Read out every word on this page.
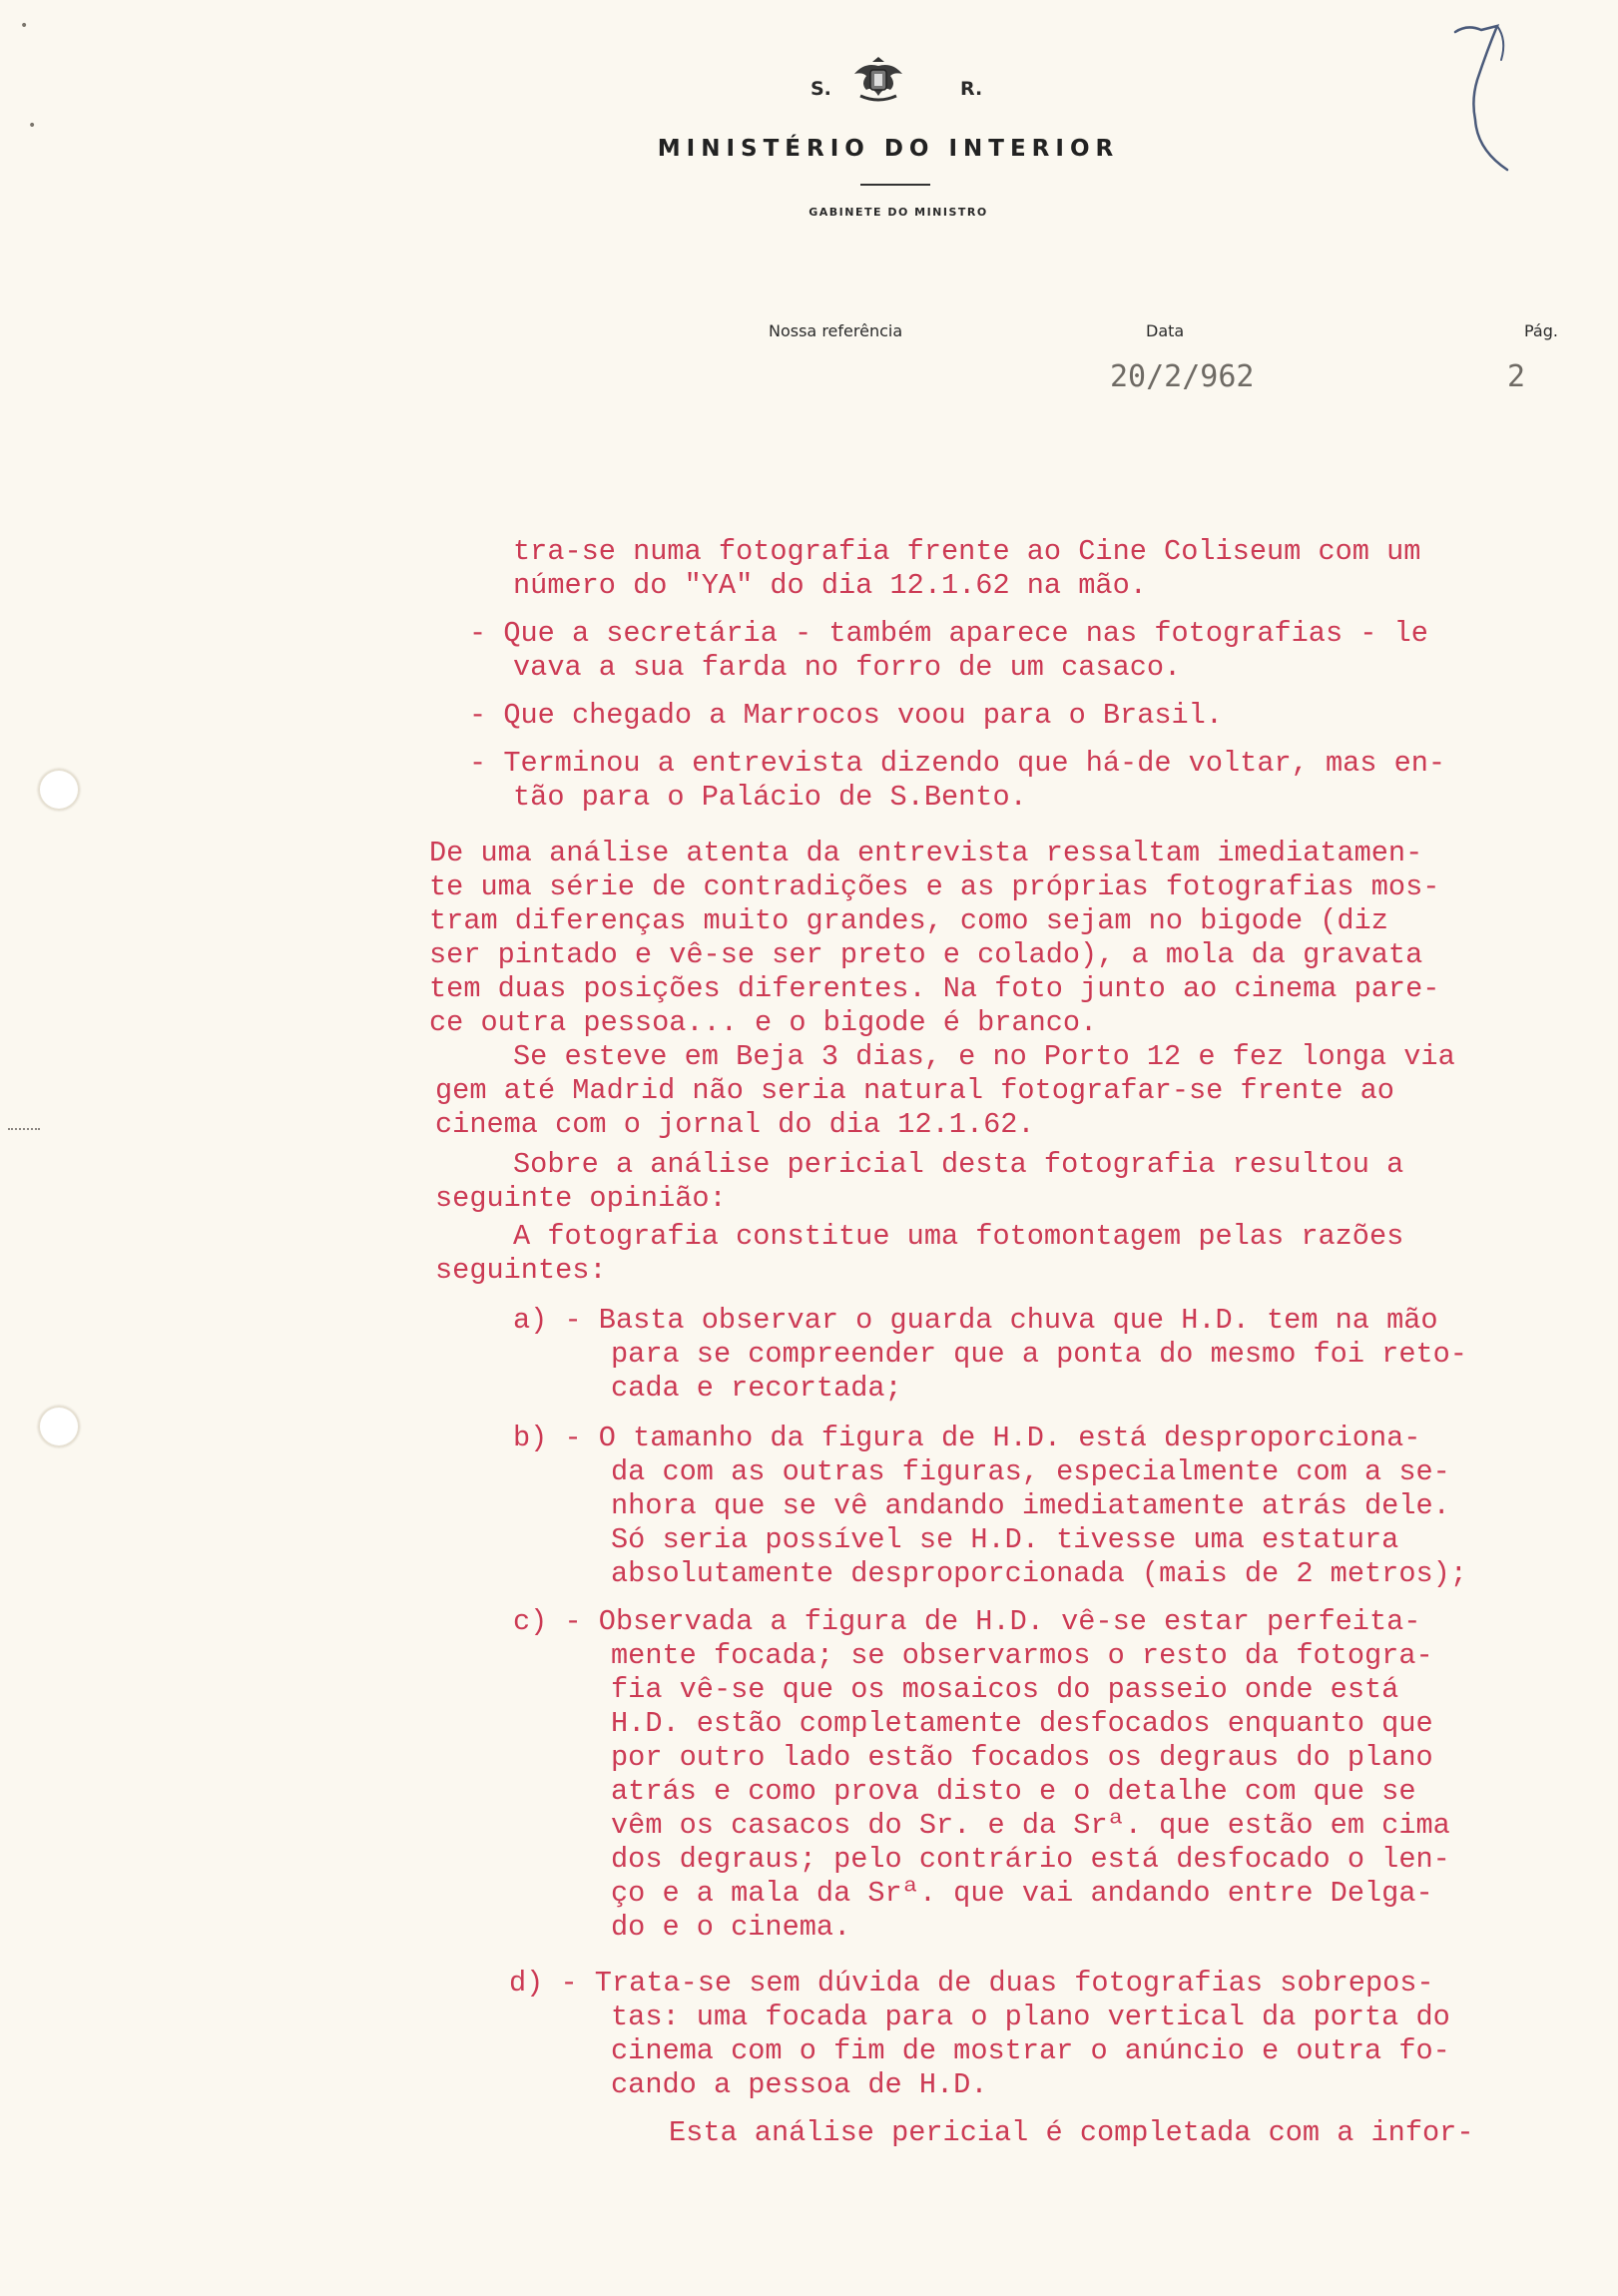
•
•
S.	R.
MINISTÉRIO DO INTERIOR
GABINETE DO MINISTRO
Nossa referência	Data	Pág.
20/2/962	2

tra-se numa fotografia frente ao Cine Coliseum com um

número do "YA" do dia 12.1.62 na mão.

- Que a secretária - também aparece nas fotografias - le

vava a sua farda no forro de um casaco.

- Que chegado a Marrocos voou para o Brasil.

- Terminou a entrevista dizendo que há-de voltar, mas en-

tão para o Palácio de S.Bento.

De uma análise atenta da entrevista ressaltam imediatamen-

te uma série de contradições e as próprias fotografias mos-

tram diferenças muito grandes, como sejam no bigode (diz

ser pintado e vê-se ser preto e colado), a mola da gravata

tem duas posições diferentes. Na foto junto ao cinema pare-

ce outra pessoa... e o bigode é branco.

Se esteve em Beja 3 dias, e no Porto 12 e fez longa via

gem até Madrid não seria natural fotografar-se frente ao

cinema com o jornal do dia 12.1.62.

Sobre a análise pericial desta fotografia resultou a

seguinte opinião:

A fotografia constitue uma fotomontagem pelas razões

seguintes:

a) - Basta observar o guarda chuva que H.D. tem na mão

para se compreender que a ponta do mesmo foi reto-

cada e recortada;

b) - O tamanho da figura de H.D. está desproporciona-

da com as outras figuras, especialmente com a se-

nhora que se vê andando imediatamente atrás dele.

Só seria possível se H.D. tivesse uma estatura

absolutamente desproporcionada (mais de 2 metros);

c) - Observada a figura de H.D. vê-se estar perfeita-

mente focada; se observarmos o resto da fotogra-

fia vê-se que os mosaicos do passeio onde está

H.D. estão completamente desfocados enquanto que

por outro lado estão focados os degraus do plano

atrás e como prova disto e o detalhe com que se

vêm os casacos do Sr. e da Srª. que estão em cima

dos degraus; pelo contrário está desfocado o len-

ço e a mala da Srª. que vai andando entre Delga-

do e o cinema.

d) - Trata-se sem dúvida de duas fotografias sobrepos-

tas: uma focada para o plano vertical da porta do

cinema com o fim de mostrar o anúncio e outra fo-

cando a pessoa de H.D.

Esta análise pericial é completada com a infor-
